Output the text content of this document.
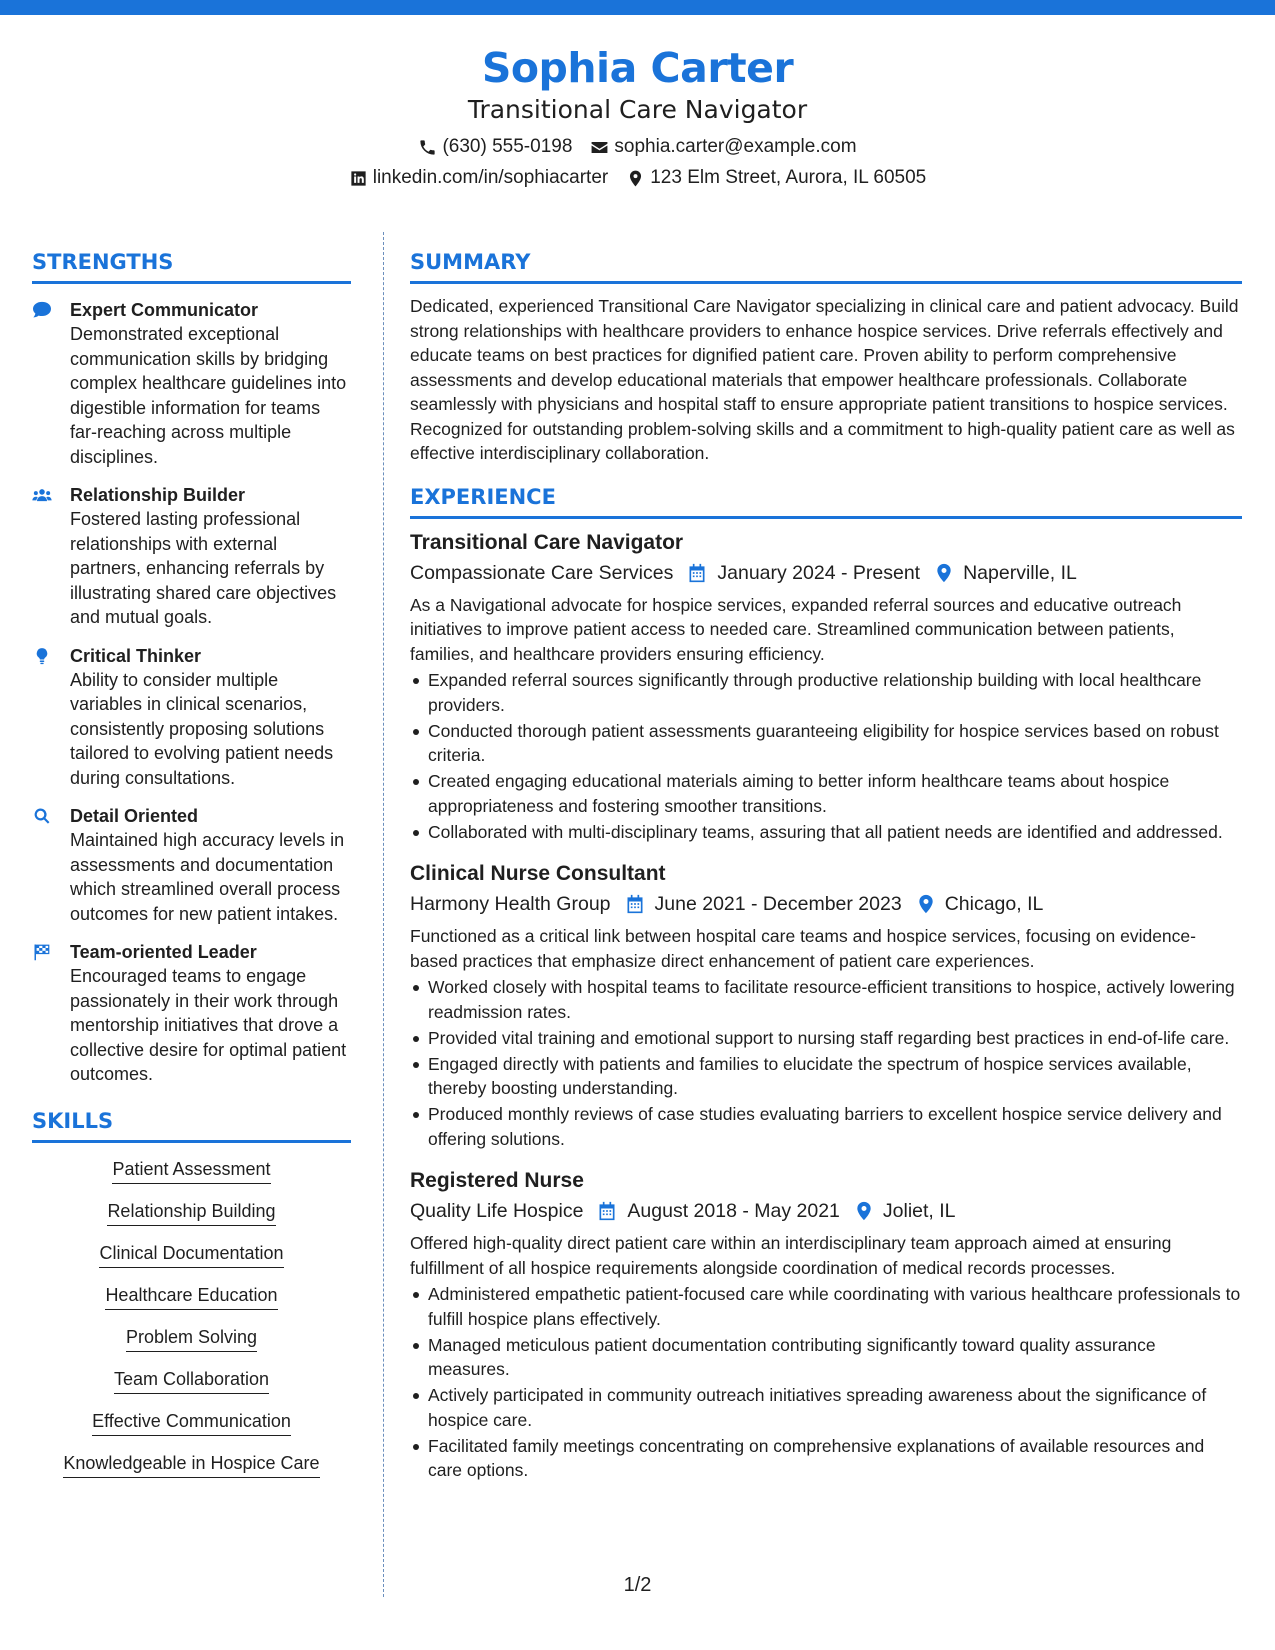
Sophia Carter
Transitional Care Navigator
(630) 555-0198 sophia.carter@example.com
linkedin.com/in/sophiacarter 123 Elm Street, Aurora, IL 60505
STRENGTHS
Expert Communicator
Demonstrated exceptional communication skills by bridging complex healthcare guidelines into digestible information for teams far-reaching across multiple disciplines.
Relationship Builder
Fostered lasting professional relationships with external partners, enhancing referrals by illustrating shared care objectives and mutual goals.
Critical Thinker
Ability to consider multiple variables in clinical scenarios, consistently proposing solutions tailored to evolving patient needs during consultations.
Detail Oriented
Maintained high accuracy levels in assessments and documentation which streamlined overall process outcomes for new patient intakes.
Team-oriented Leader
Encouraged teams to engage passionately in their work through mentorship initiatives that drove a collective desire for optimal patient outcomes.
SKILLS
Patient Assessment
Relationship Building
Clinical Documentation
Healthcare Education
Problem Solving
Team Collaboration
Effective Communication
Knowledgeable in Hospice Care
SUMMARY
Dedicated, experienced Transitional Care Navigator specializing in clinical care and patient advocacy. Build strong relationships with healthcare providers to enhance hospice services. Drive referrals effectively and educate teams on best practices for dignified patient care. Proven ability to perform comprehensive assessments and develop educational materials that empower healthcare professionals. Collaborate seamlessly with physicians and hospital staff to ensure appropriate patient transitions to hospice services. Recognized for outstanding problem-solving skills and a commitment to high-quality patient care as well as effective interdisciplinary collaboration.
EXPERIENCE
Transitional Care Navigator
Compassionate Care Services January 2024 - Present Naperville, IL
As a Navigational advocate for hospice services, expanded referral sources and educative outreach initiatives to improve patient access to needed care. Streamlined communication between patients, families, and healthcare providers ensuring efficiency.
Expanded referral sources significantly through productive relationship building with local healthcare providers.
Conducted thorough patient assessments guaranteeing eligibility for hospice services based on robust criteria.
Created engaging educational materials aiming to better inform healthcare teams about hospice appropriateness and fostering smoother transitions.
Collaborated with multi-disciplinary teams, assuring that all patient needs are identified and addressed.
Clinical Nurse Consultant
Harmony Health Group June 2021 - December 2023 Chicago, IL
Functioned as a critical link between hospital care teams and hospice services, focusing on evidence-based practices that emphasize direct enhancement of patient care experiences.
Worked closely with hospital teams to facilitate resource-efficient transitions to hospice, actively lowering readmission rates.
Provided vital training and emotional support to nursing staff regarding best practices in end-of-life care.
Engaged directly with patients and families to elucidate the spectrum of hospice services available, thereby boosting understanding.
Produced monthly reviews of case studies evaluating barriers to excellent hospice service delivery and offering solutions.
Registered Nurse
Quality Life Hospice August 2018 - May 2021 Joliet, IL
Offered high-quality direct patient care within an interdisciplinary team approach aimed at ensuring fulfillment of all hospice requirements alongside coordination of medical records processes.
Administered empathetic patient-focused care while coordinating with various healthcare professionals to fulfill hospice plans effectively.
Managed meticulous patient documentation contributing significantly toward quality assurance measures.
Actively participated in community outreach initiatives spreading awareness about the significance of hospice care.
Facilitated family meetings concentrating on comprehensive explanations of available resources and care options.
1/2
